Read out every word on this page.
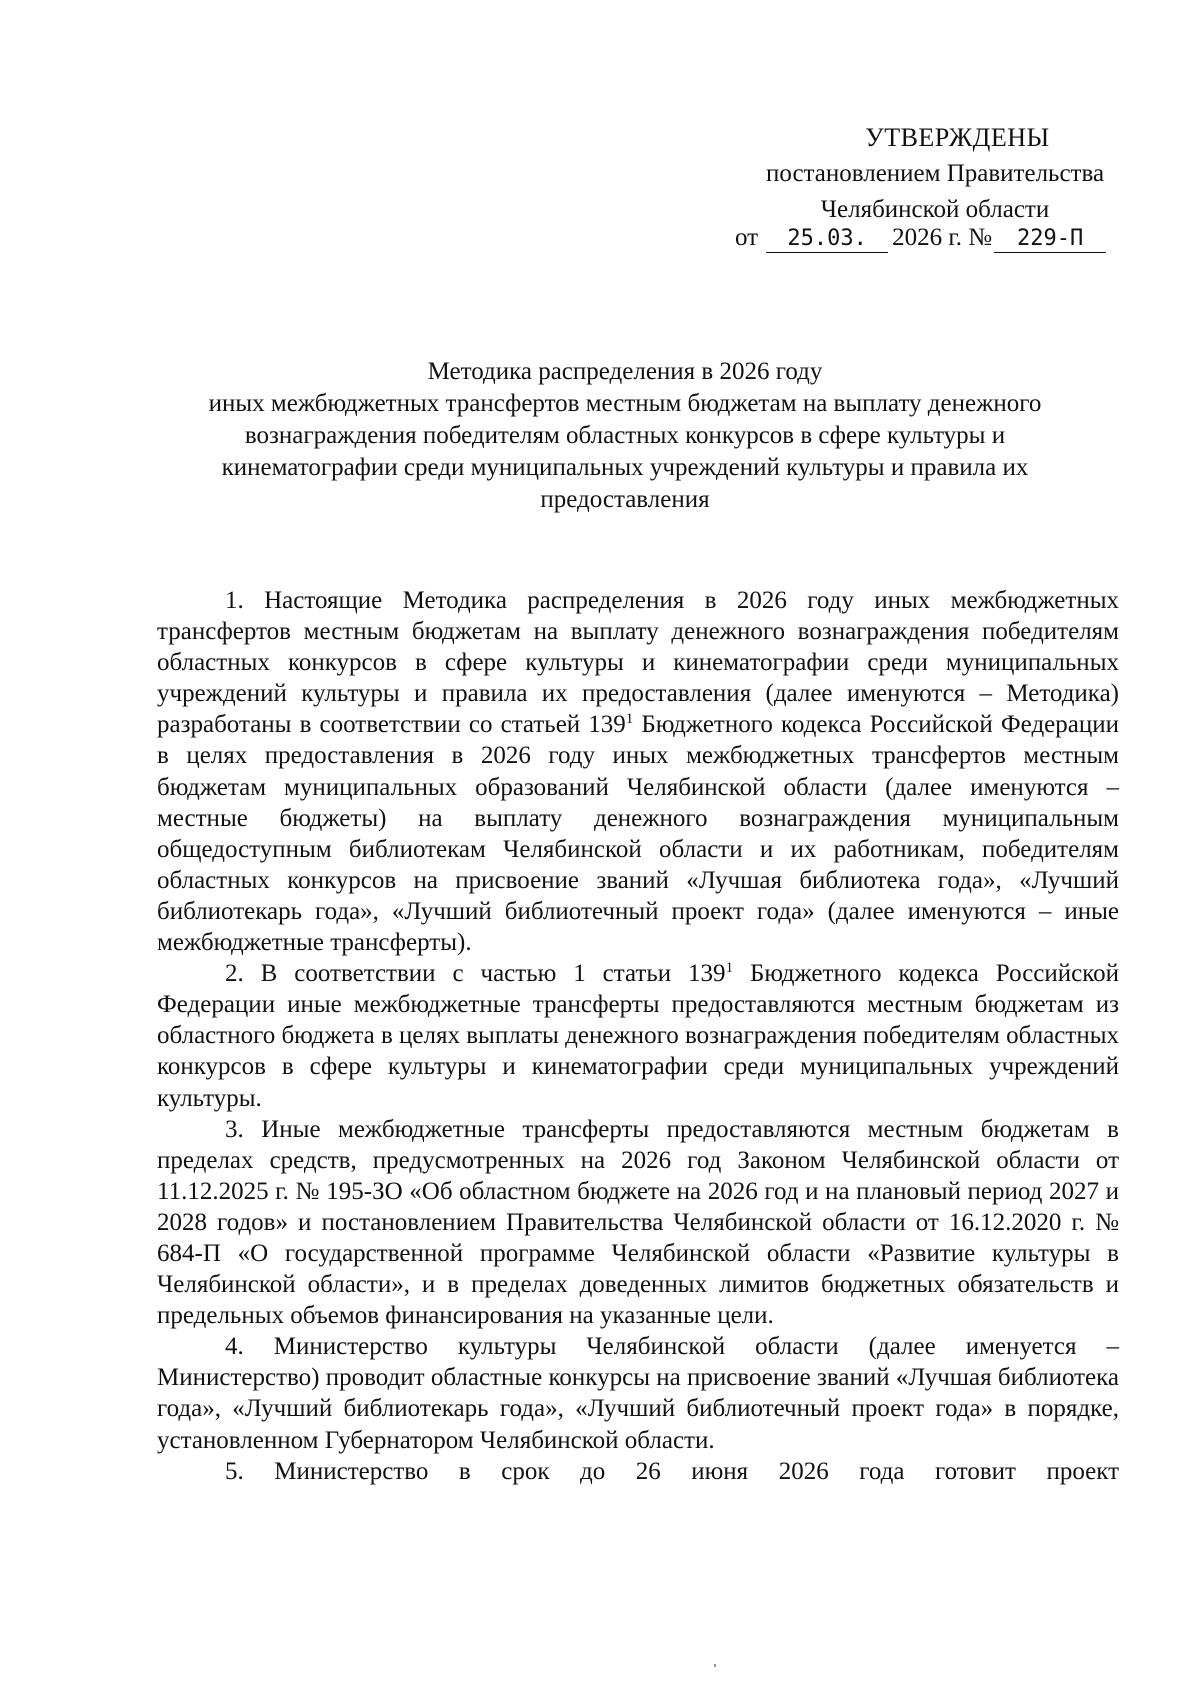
УТВЕРЖДЕНЫ
постановлением Правительства
Челябинской области
от 25.03. 2026 г. № 229-П
Методика распределения в 2026 году
иных межбюджетных трансфертов местным бюджетам на выплату денежного
вознаграждения победителям областных конкурсов в сфере культуры и
кинематографии среди муниципальных учреждений культуры и правила их
предоставления

1. Настоящие Методика распределения в 2026 году иных межбюджетных трансфертов местным бюджетам на выплату денежного вознаграждения победителям областных конкурсов в сфере культуры и кинематографии среди муниципальных учреждений культуры и правила их предоставления (далее именуются – Методика) разработаны в соответствии со статьей $139^1$ Бюджетного кодекса Российской Федерации в целях предоставления в 2026 году иных межбюджетных трансфертов местным бюджетам муниципальных образований Челябинской области (далее именуются – местные бюджеты) на выплату денежного вознаграждения муниципальным общедоступным библиотекам Челябинской области и их работникам, победителям областных конкурсов на присвоение званий «Лучшая библиотека года», «Лучший библиотекарь года», «Лучший библиотечный проект года» (далее именуются – иные межбюджетные трансферты).

2. В соответствии с частью 1 статьи $139^1$ Бюджетного кодекса Российской Федерации иные межбюджетные трансферты предоставляются местным бюджетам из областного бюджета в целях выплаты денежного вознаграждения победителям областных конкурсов в сфере культуры и кинематографии среди муниципальных учреждений культуры.

3. Иные межбюджетные трансферты предоставляются местным бюджетам в пределах средств, предусмотренных на 2026 год Законом Челябинской области от 11.12.2025 г. № 195-ЗО «Об областном бюджете на 2026 год и на плановый период 2027 и 2028 годов» и постановлением Правительства Челябинской области от 16.12.2020 г. № 684-П «О государственной программе Челябинской области «Развитие культуры в Челябинской области», и в пределах доведенных лимитов бюджетных обязательств и предельных объемов финансирования на указанные цели.

4. Министерство культуры Челябинской области (далее именуется – Министерство) проводит областные конкурсы на присвоение званий «Лучшая библиотека года», «Лучший библиотекарь года», «Лучший библиотечный проект года» в порядке, установленном Губернатором Челябинской области.

5. Министерство в срок до 26 июня 2026 года готовит проект
